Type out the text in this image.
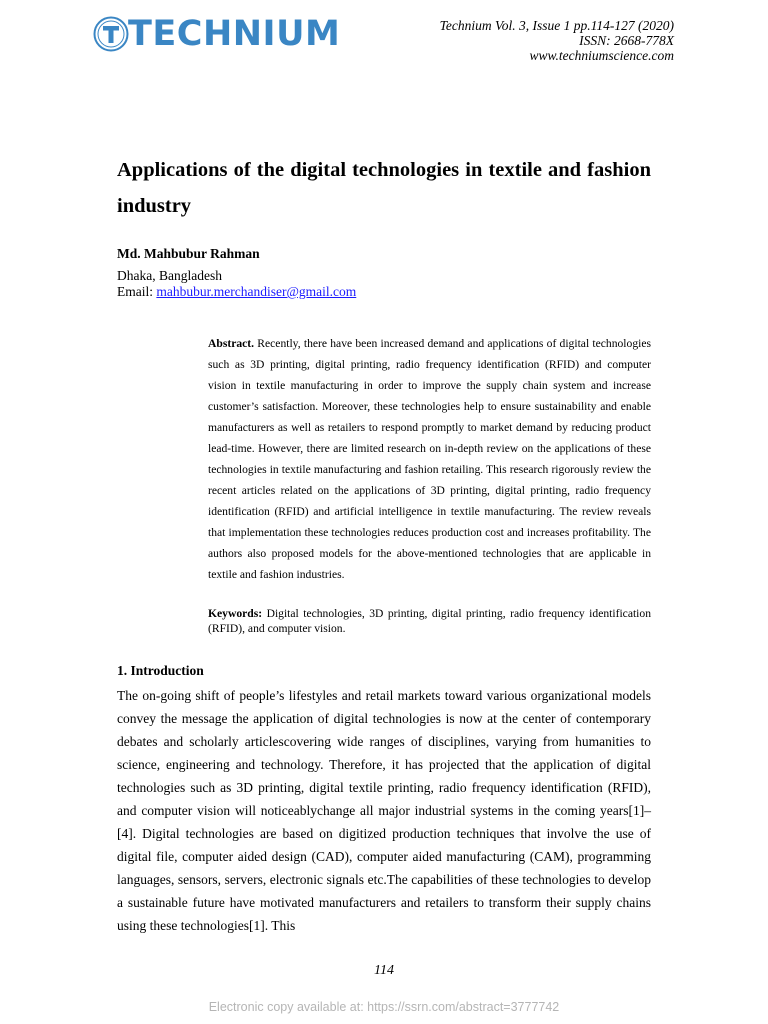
TECHNIUM	Technium Vol. 3, Issue 1 pp.114-127 (2020)
ISSN: 2668-778X
www.techniumscience.com
Applications of the digital technologies in textile and fashion industry
Md. Mahbubur Rahman
Dhaka, Bangladesh
Email: mahbubur.merchandiser@gmail.com

Abstract. Recently, there have been increased demand and applications of digital technologies such as 3D printing, digital printing, radio frequency identification (RFID) and computer vision in textile manufacturing in order to improve the supply chain system and increase customer’s satisfaction. Moreover, these technologies help to ensure sustainability and enable manufacturers as well as retailers to respond promptly to market demand by reducing product lead-time. However, there are limited research on in-depth review on the applications of these technologies in textile manufacturing and fashion retailing. This research rigorously review the recent articles related on the applications of 3D printing, digital printing, radio frequency identification (RFID) and artificial intelligence in textile manufacturing. The review reveals that implementation these technologies reduces production cost and increases profitability. The authors also proposed models for the above-mentioned technologies that are applicable in textile and fashion industries.

Keywords: Digital technologies, 3D printing, digital printing, radio frequency identification (RFID), and computer vision.

1. Introduction

The on-going shift of people’s lifestyles and retail markets toward various organizational models convey the message the application of digital technologies is now at the center of contemporary debates and scholarly articlescovering wide ranges of disciplines, varying from humanities to science, engineering and technology. Therefore, it has projected that the application of digital technologies such as 3D printing, digital textile printing, radio frequency identification (RFID), and computer vision will noticeablychange all major industrial systems in the coming years[1]–[4]. Digital technologies are based on digitized production techniques that involve the use of digital file, computer aided design (CAD), computer aided manufacturing (CAM), programming languages, sensors, servers, electronic signals etc.The capabilities of these technologies to develop a sustainable future have motivated manufacturers and retailers to transform their supply chains using these technologies[1]. This

114
Electronic copy available at: https://ssrn.com/abstract=3777742
